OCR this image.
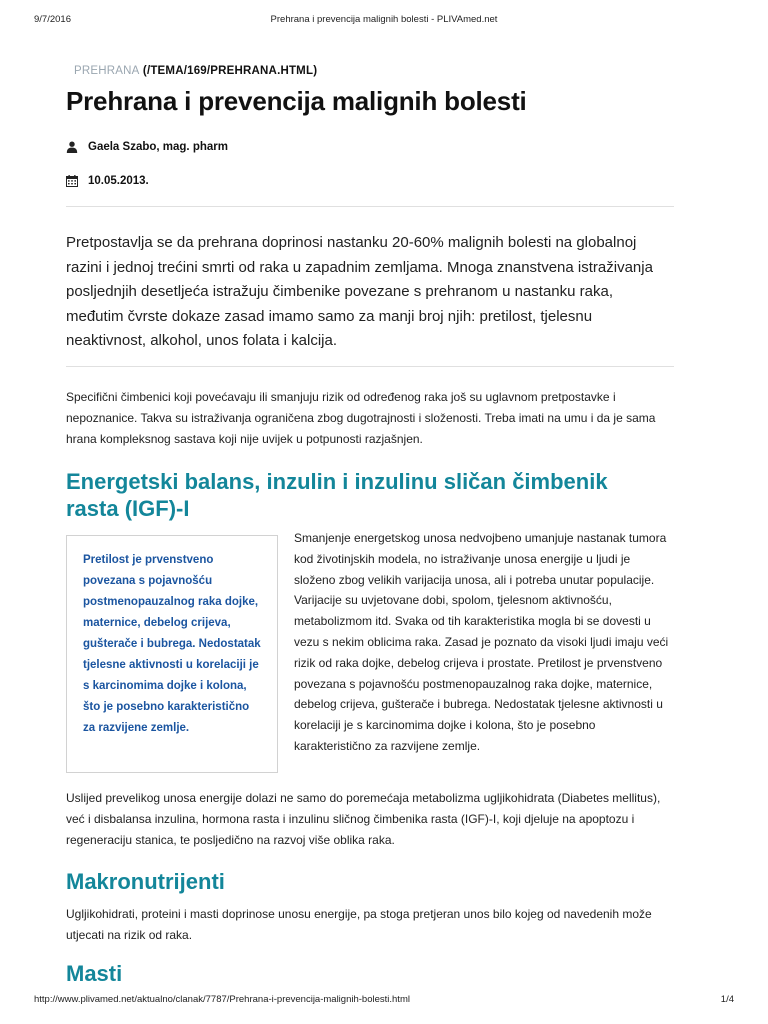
9/7/2016	Prehrana i prevencija malignih bolesti - PLIVAmed.net
PREHRANA (/TEMA/169/PREHRANA.HTML)
Prehrana i prevencija malignih bolesti
Gaela Szabo, mag. pharm
10.05.2013.

Pretpostavlja se da prehrana doprinosi nastanku 20-60% malignih bolesti na globalnoj razini i jednoj trećini smrti od raka u zapadnim zemljama. Mnoga znanstvena istraživanja posljednjih desetljeća istražuju čimbenike povezane s prehranom u nastanku raka, međutim čvrste dokaze zasad imamo samo za manji broj njih: pretilost, tjelesnu neaktivnost, alkohol, unos folata i kalcija.

Specifični čimbenici koji povećavaju ili smanjuju rizik od određenog raka još su uglavnom pretpostavke i nepoznanice. Takva su istraživanja ograničena zbog dugotrajnosti i složenosti. Treba imati na umu i da je sama hrana kompleksnog sastava koji nije uvijek u potpunosti razjašnjen.

Energetski balans, inzulin i inzulinu sličan čimbenik rasta (IGF)-I

Pretilost je prvenstveno povezana s pojavnošću postmenopauzalnog raka dojke, maternice, debelog crijeva, gušterače i bubrega. Nedostatak tjelesne aktivnosti u korelaciji je s karcinomima dojke i kolona, što je posebno karakteristično za razvijene zemlje.

Smanjenje energetskog unosa nedvojbeno umanjuje nastanak tumora kod životinjskih modela, no istraživanje unosa energije u ljudi je složeno zbog velikih varijacija unosa, ali i potreba unutar populacije. Varijacije su uvjetovane dobi, spolom, tjelesnom aktivnošću, metabolizmom itd. Svaka od tih karakteristika mogla bi se dovesti u vezu s nekim oblicima raka. Zasad je poznato da visoki ljudi imaju veći rizik od raka dojke, debelog crijeva i prostate. Pretilost je prvenstveno povezana s pojavnošću postmenopauzalnog raka dojke, maternice, debelog crijeva, gušterače i bubrega. Nedostatak tjelesne aktivnosti u korelaciji je s karcinomima dojke i kolona, što je posebno karakteristično za razvijene zemlje.

Uslijed prevelikog unosa energije dolazi ne samo do poremećaja metabolizma ugljikohidrata (Diabetes mellitus), već i disbalansa inzulina, hormona rasta i inzulinu sličnog čimbenika rasta (IGF)-I, koji djeluje na apoptozu i regeneraciju stanica, te posljedično na razvoj više oblika raka.

Makronutrijenti

Ugljikohidrati, proteini i masti doprinose unosu energije, pa stoga pretjeran unos bilo kojeg od navedenih može utjecati na rizik od raka.

Masti
http://www.plivamed.net/aktualno/clanak/7787/Prehrana-i-prevencija-malignih-bolesti.html	1/4
